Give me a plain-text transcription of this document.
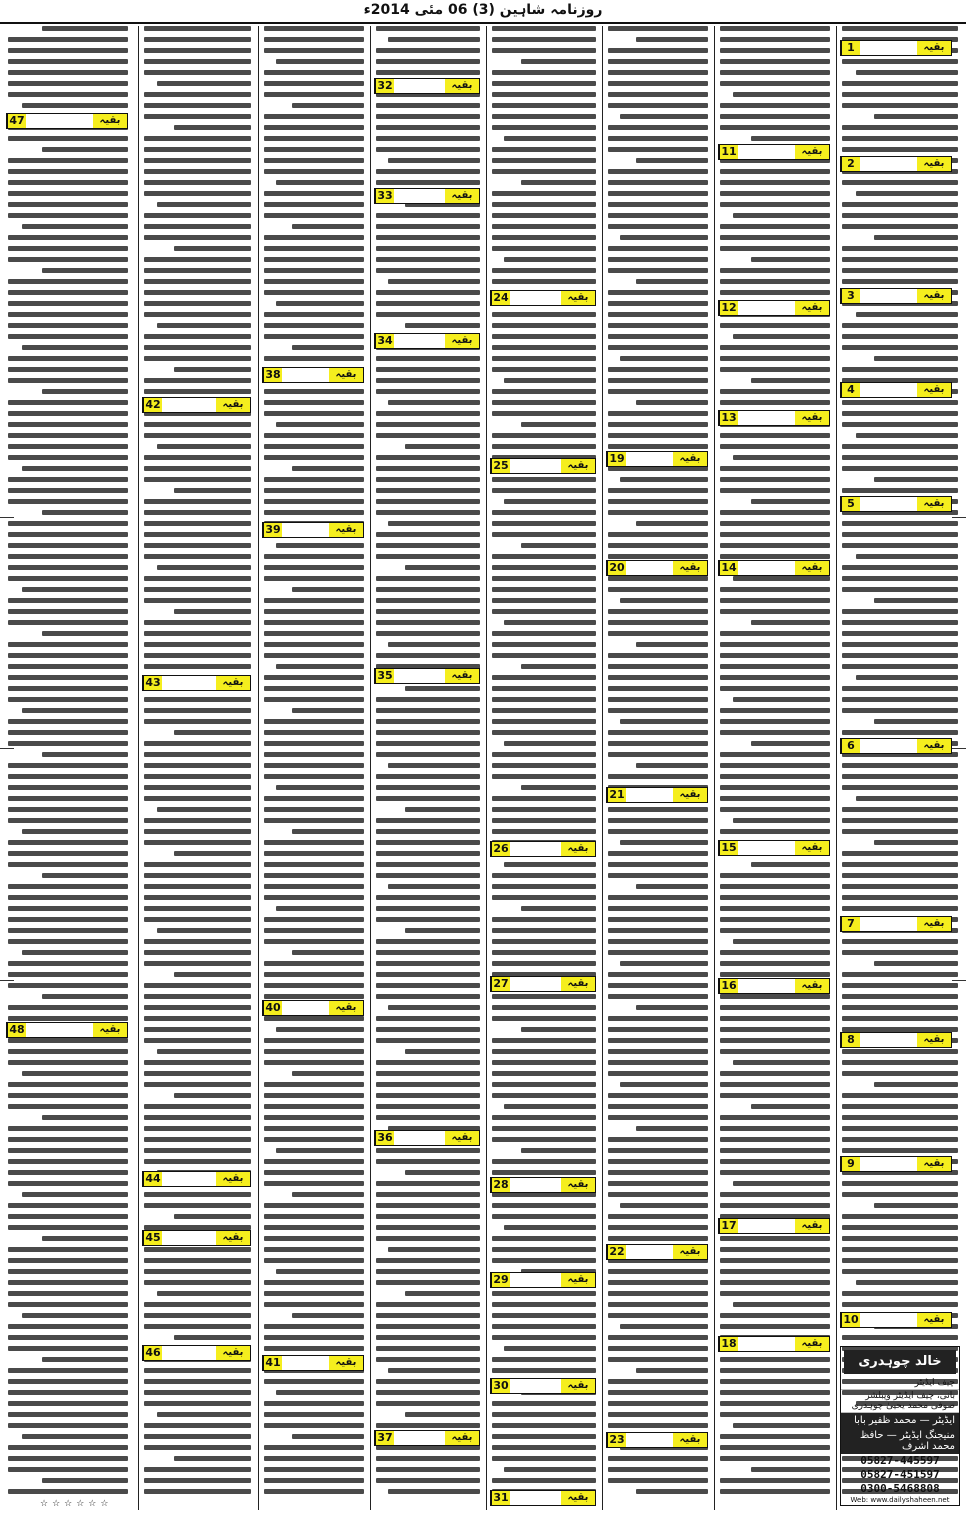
روزنامہ شاہین (3) 06 مئی 2014ء
1	بقیہ
2	بقیہ
3	بقیہ
4	بقیہ
5	بقیہ
6	بقیہ
7	بقیہ
8	بقیہ
9	بقیہ
10	بقیہ
11	بقیہ
12	بقیہ
13	بقیہ
14	بقیہ
15	بقیہ
16	بقیہ
17	بقیہ
18	بقیہ
19	بقیہ
20	بقیہ
21	بقیہ
22	بقیہ
23	بقیہ
24	بقیہ
25	بقیہ
26	بقیہ
27	بقیہ
28	بقیہ
29	بقیہ
30	بقیہ
31	بقیہ
32	بقیہ
33	بقیہ
34	بقیہ
35	بقیہ
36	بقیہ
37	بقیہ
38	بقیہ
39	بقیہ
40	بقیہ
41	بقیہ
42	بقیہ
43	بقیہ
44	بقیہ
45	بقیہ
46	بقیہ
47	بقیہ
48	بقیہ
خالد چوہدری
چیف ایڈیٹر
بانی، چیف ایڈیٹر وپبلشر صوفی محمد یحییٰ چوہدری
ایڈیٹر — محمد ظفیر بابا
منیجنگ ایڈیٹر — حافظ محمد اشرف
05827-445597
05827-451597
0300-5468808
Web: www.dailyshaheen.net
☆☆☆☆☆☆
